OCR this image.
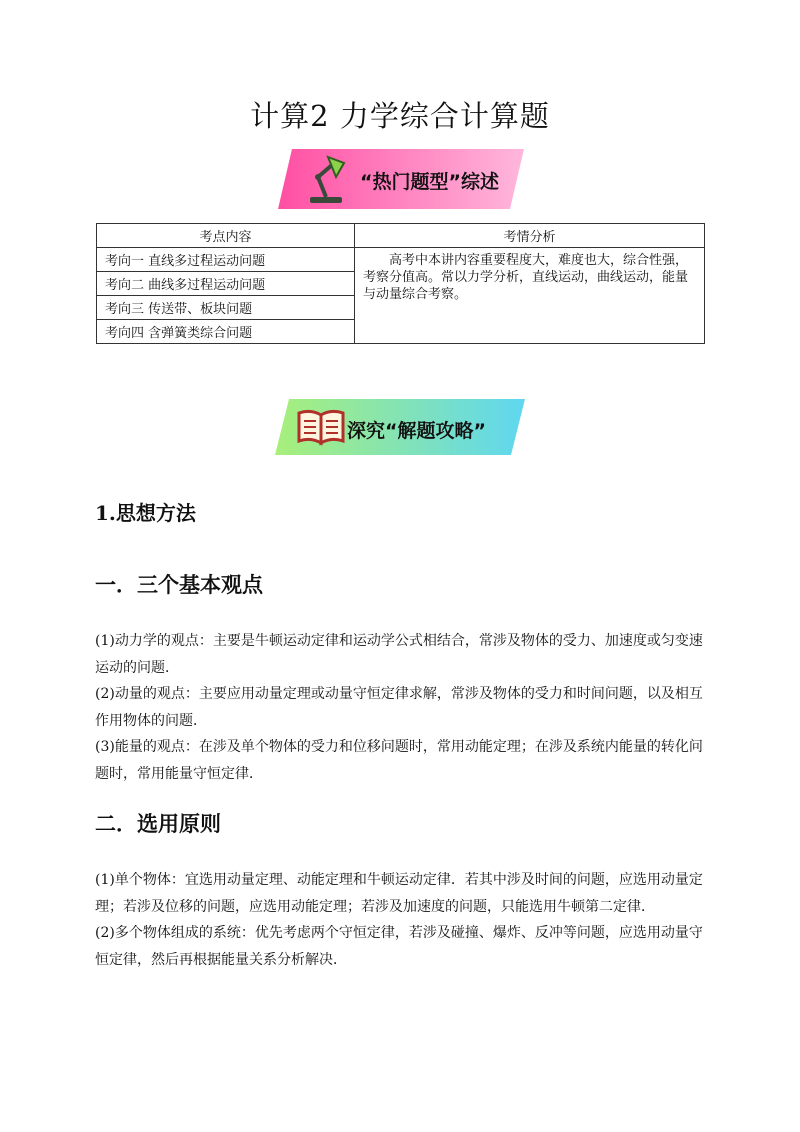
计算2 力学综合计算题
“热门题型”综述
考点内容	考情分析
考向一 直线多过程运动问题	高考中本讲内容重要程度大，难度也大，综合性强，考察分值高。常以力学分析，直线运动，曲线运动，能量与动量综合考察。
考向二 曲线多过程运动问题	
考向三 传送带、板块问题	
考向四 含弹簧类综合问题	
深究“解题攻略”
1.思想方法
一．三个基本观点
(1)动力学的观点：主要是牛顿运动定律和运动学公式相结合，常涉及物体的受力、加速度或匀变速运动的问题．
(2)动量的观点：主要应用动量定理或动量守恒定律求解，常涉及物体的受力和时间问题，以及相互作用物体的问题．
(3)能量的观点：在涉及单个物体的受力和位移问题时，常用动能定理；在涉及系统内能量的转化问题时，常用能量守恒定律．
二．选用原则
(1)单个物体：宜选用动量定理、动能定理和牛顿运动定律．若其中涉及时间的问题，应选用动量定理；若涉及位移的问题，应选用动能定理；若涉及加速度的问题，只能选用牛顿第二定律．
(2)多个物体组成的系统：优先考虑两个守恒定律，若涉及碰撞、爆炸、反冲等问题，应选用动量守恒定律，然后再根据能量关系分析解决．
